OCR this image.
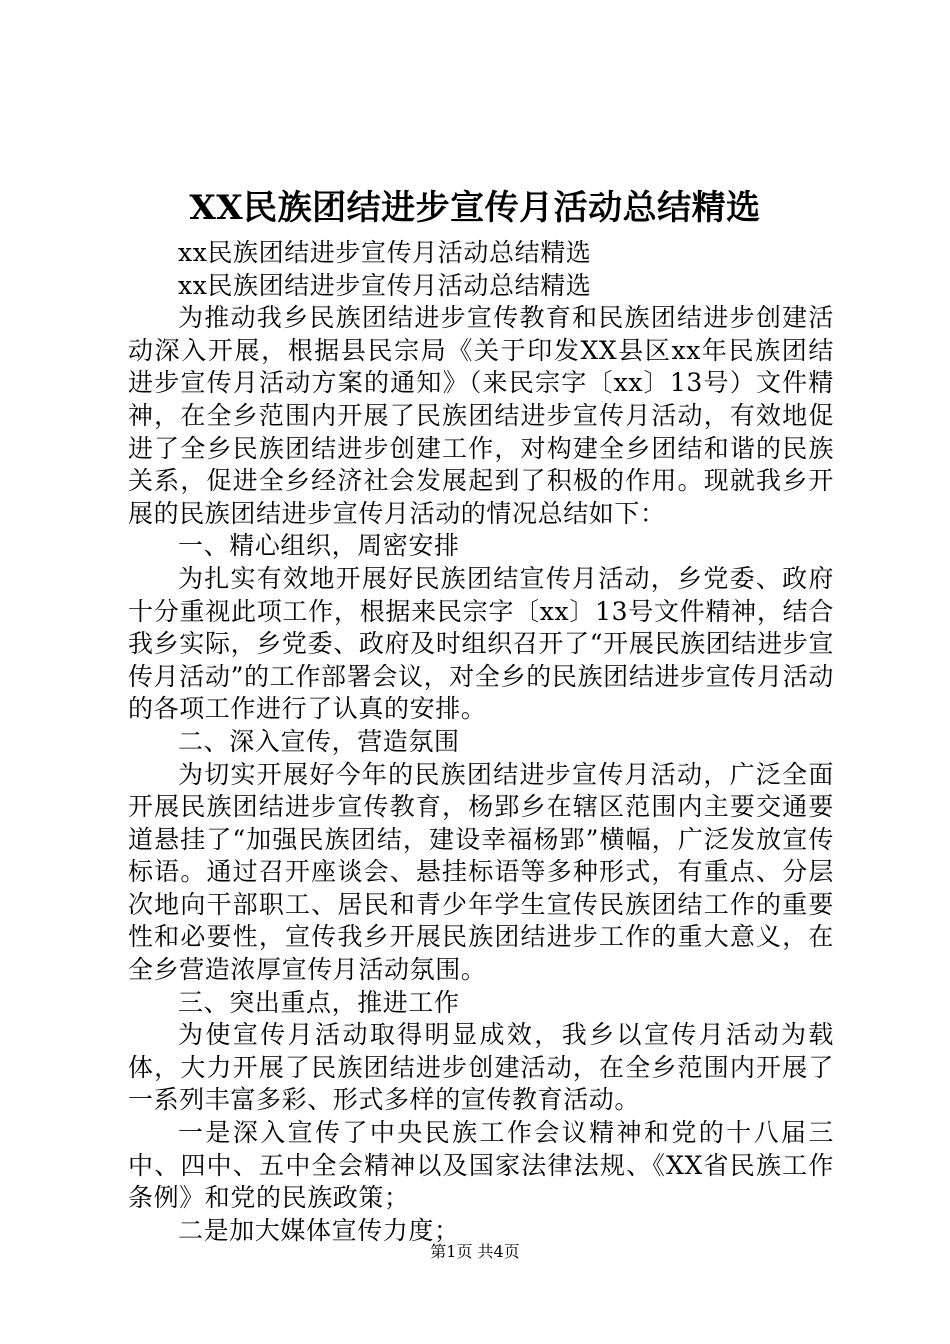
XX民族团结进步宣传月活动总结精选

xx民族团结进步宣传月活动总结精选

xx民族团结进步宣传月活动总结精选

为推动我乡民族团结进步宣传教育和民族团结进步创建活动深入开展，根据县民宗局《关于印发XX县区xx年民族团结进步宣传月活动方案的通知》（来民宗字〔xx〕13号）文件精神，在全乡范围内开展了民族团结进步宣传月活动，有效地促进了全乡民族团结进步创建工作，对构建全乡团结和谐的民族关系，促进全乡经济社会发展起到了积极的作用。现就我乡开展的民族团结进步宣传月活动的情况总结如下：

一、精心组织，周密安排

为扎实有效地开展好民族团结宣传月活动，乡党委、政府十分重视此项工作，根据来民宗字〔xx〕13号文件精神，结合我乡实际，乡党委、政府及时组织召开了“开展民族团结进步宣传月活动”的工作部署会议，对全乡的民族团结进步宣传月活动的各项工作进行了认真的安排。

二、深入宣传，营造氛围

为切实开展好今年的民族团结进步宣传月活动，广泛全面开展民族团结进步宣传教育，杨郢乡在辖区范围内主要交通要道悬挂了“加强民族团结，建设幸福杨郢”横幅，广泛发放宣传标语。通过召开座谈会、悬挂标语等多种形式，有重点、分层次地向干部职工、居民和青少年学生宣传民族团结工作的重要性和必要性，宣传我乡开展民族团结进步工作的重大意义，在全乡营造浓厚宣传月活动氛围。

三、突出重点，推进工作

为使宣传月活动取得明显成效，我乡以宣传月活动为载体，大力开展了民族团结进步创建活动，在全乡范围内开展了一系列丰富多彩、形式多样的宣传教育活动。

一是深入宣传了中央民族工作会议精神和党的十八届三中、四中、五中全会精神以及国家法律法规、《XX省民族工作条例》和党的民族政策；

二是加大媒体宣传力度；

第1页 共4页
